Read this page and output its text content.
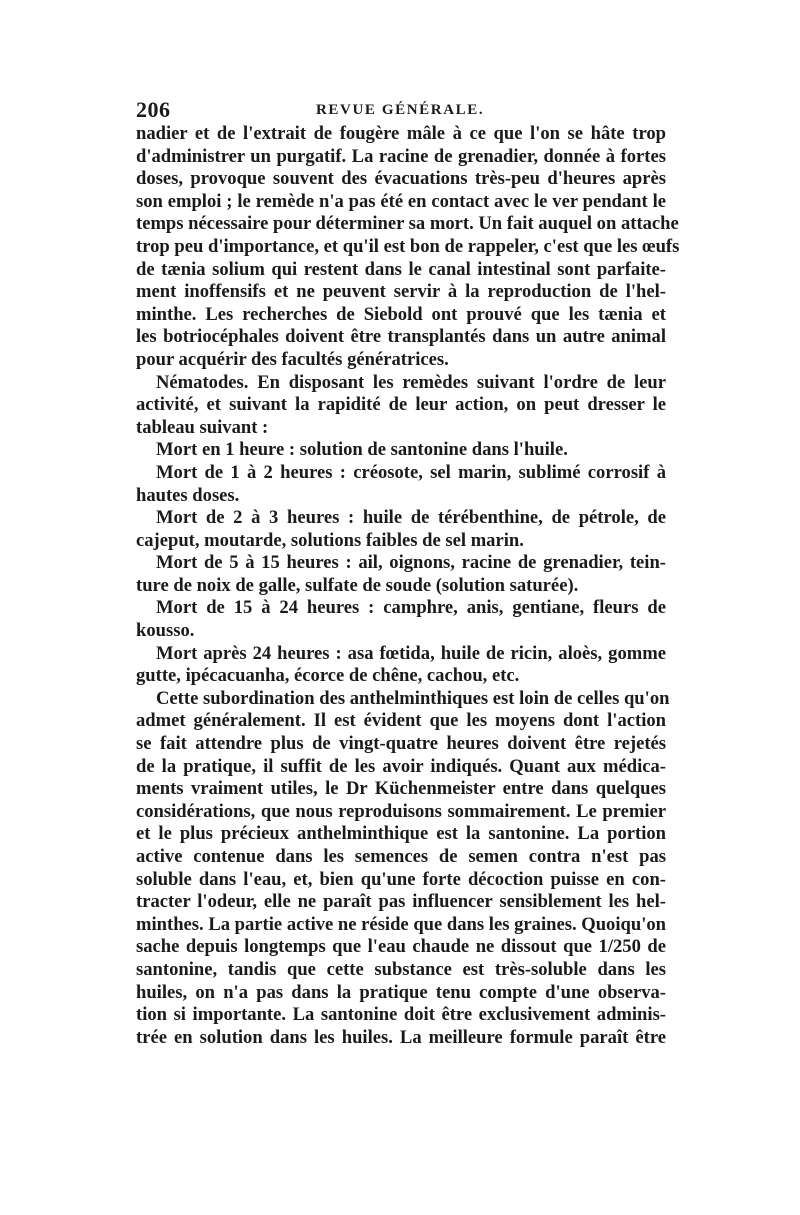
206	REVUE GÉNÉRALE.
nadier et de l'extrait de fougère mâle à ce que l'on se hâte trop
d'administrer un purgatif. La racine de grenadier, donnée à fortes
doses, provoque souvent des évacuations très-peu d'heures après
son emploi ; le remède n'a pas été en contact avec le ver pendant le
temps nécessaire pour déterminer sa mort. Un fait auquel on attache
trop peu d'importance, et qu'il est bon de rappeler, c'est que les œufs
de tænia solium qui restent dans le canal intestinal sont parfaite-
ment inoffensifs et ne peuvent servir à la reproduction de l'hel-
minthe. Les recherches de Siebold ont prouvé que les tænia et
les botriocéphales doivent être transplantés dans un autre animal
pour acquérir des facultés génératrices.
Nématodes. En disposant les remèdes suivant l'ordre de leur
activité, et suivant la rapidité de leur action, on peut dresser le
tableau suivant :
Mort en 1 heure : solution de santonine dans l'huile.
Mort de 1 à 2 heures : créosote, sel marin, sublimé corrosif à
hautes doses.
Mort de 2 à 3 heures : huile de térébenthine, de pétrole, de
cajeput, moutarde, solutions faibles de sel marin.
Mort de 5 à 15 heures : ail, oignons, racine de grenadier, tein-
ture de noix de galle, sulfate de soude (solution saturée).
Mort de 15 à 24 heures : camphre, anis, gentiane, fleurs de
kousso.
Mort après 24 heures : asa fœtida, huile de ricin, aloès, gomme
gutte, ipécacuanha, écorce de chêne, cachou, etc.
Cette subordination des anthelminthiques est loin de celles qu'on
admet généralement. Il est évident que les moyens dont l'action
se fait attendre plus de vingt-quatre heures doivent être rejetés
de la pratique, il suffit de les avoir indiqués. Quant aux médica-
ments vraiment utiles, le Dr Küchenmeister entre dans quelques
considérations, que nous reproduisons sommairement. Le premier
et le plus précieux anthelminthique est la santonine. La portion
active contenue dans les semences de semen contra n'est pas
soluble dans l'eau, et, bien qu'une forte décoction puisse en con-
tracter l'odeur, elle ne paraît pas influencer sensiblement les hel-
minthes. La partie active ne réside que dans les graines. Quoiqu'on
sache depuis longtemps que l'eau chaude ne dissout que 1/250 de
santonine, tandis que cette substance est très-soluble dans les
huiles, on n'a pas dans la pratique tenu compte d'une observa-
tion si importante. La santonine doit être exclusivement adminis-
trée en solution dans les huiles. La meilleure formule paraît être
